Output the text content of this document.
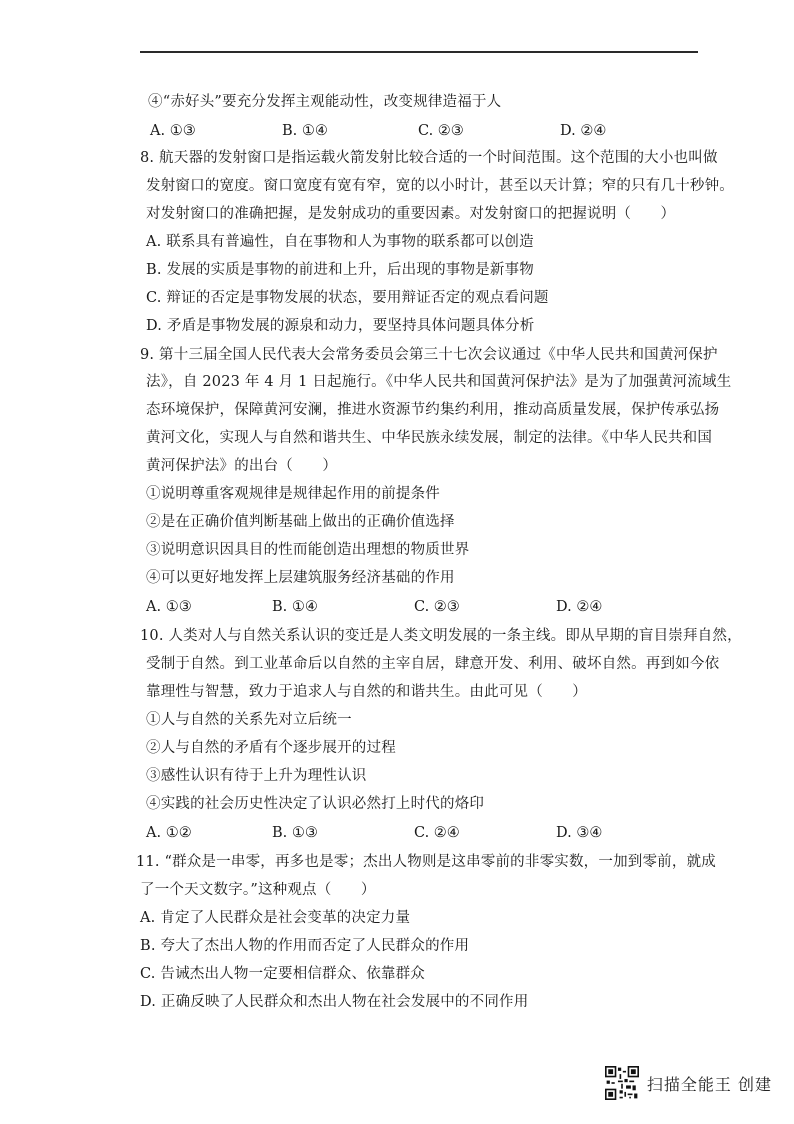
④“赤好头”要充分发挥主观能动性，改变规律造福于人
A. ①③	B. ①④	C. ②③	D. ②④
8. 航天器的发射窗口是指运载火箭发射比较合适的一个时间范围。这个范围的大小也叫做
发射窗口的宽度。窗口宽度有宽有窄，宽的以小时计，甚至以天计算；窄的只有几十秒钟。
对发射窗口的准确把握，是发射成功的重要因素。对发射窗口的把握说明（　　）
A. 联系具有普遍性，自在事物和人为事物的联系都可以创造
B. 发展的实质是事物的前进和上升，后出现的事物是新事物
C. 辩证的否定是事物发展的状态，要用辩证否定的观点看问题
D. 矛盾是事物发展的源泉和动力，要坚持具体问题具体分析
9. 第十三届全国人民代表大会常务委员会第三十七次会议通过《中华人民共和国黄河保护
法》，自 2023 年 4 月 1 日起施行。《中华人民共和国黄河保护法》是为了加强黄河流域生
态环境保护，保障黄河安澜，推进水资源节约集约利用，推动高质量发展，保护传承弘扬
黄河文化，实现人与自然和谐共生、中华民族永续发展，制定的法律。《中华人民共和国
黄河保护法》的出台（　　）
①说明尊重客观规律是规律起作用的前提条件
②是在正确价值判断基础上做出的正确价值选择
③说明意识因具目的性而能创造出理想的物质世界
④可以更好地发挥上层建筑服务经济基础的作用
A. ①③	B. ①④	C. ②③	D. ②④
10. 人类对人与自然关系认识的变迁是人类文明发展的一条主线。即从早期的盲目崇拜自然，
受制于自然。到工业革命后以自然的主宰自居，肆意开发、利用、破坏自然。再到如今依
靠理性与智慧，致力于追求人与自然的和谐共生。由此可见（　　）
①人与自然的关系先对立后统一
②人与自然的矛盾有个逐步展开的过程
③感性认识有待于上升为理性认识
④实践的社会历史性决定了认识必然打上时代的烙印
A. ①②	B. ①③	C. ②④	D. ③④
11. “群众是一串零，再多也是零；杰出人物则是这串零前的非零实数，一加到零前，就成
了一个天文数字。”这种观点（　　）
A. 肯定了人民群众是社会变革的决定力量
B. 夸大了杰出人物的作用而否定了人民群众的作用
C. 告诫杰出人物一定要相信群众、依靠群众
D. 正确反映了人民群众和杰出人物在社会发展中的不同作用
扫描全能王 创建
